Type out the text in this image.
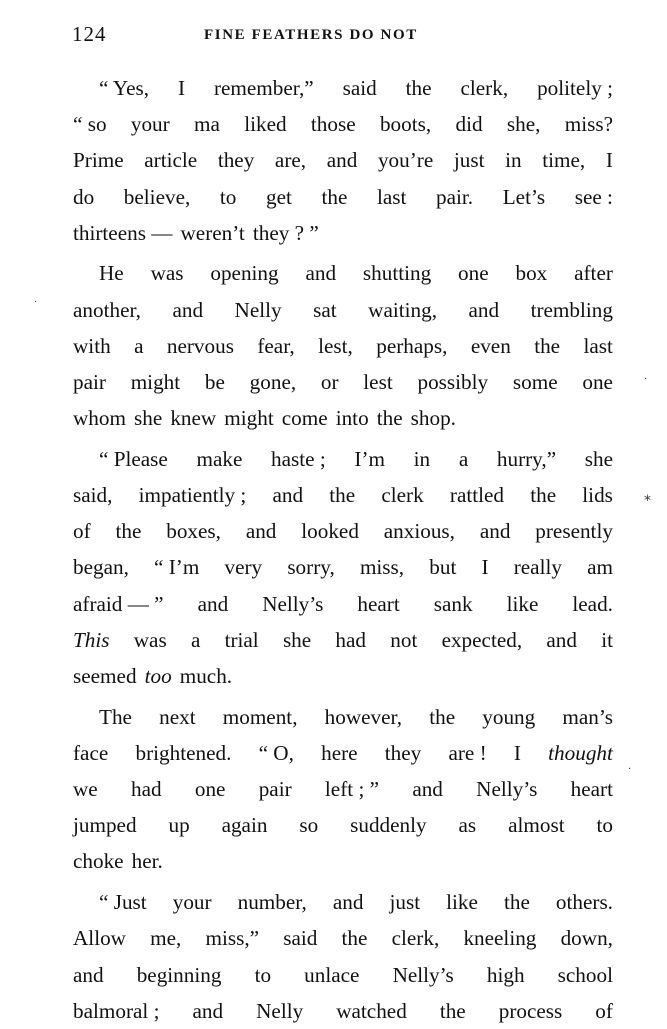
124	FINE FEATHERS DO NOT
“ Yes, I remember,” said the clerk, politely ;
“ so your ma liked those boots, did she, miss?
Prime article they are, and you’re just in time, I
do believe, to get the last pair. Let’s see :
thirteens — weren’t they ? ”
He was opening and shutting one box after
another, and Nelly sat waiting, and trembling
with a nervous fear, lest, perhaps, even the last
pair might be gone, or lest possibly some one
whom she knew might come into the shop.
“ Please make haste ; I’m in a hurry,” she
said, impatiently ; and the clerk rattled the lids
of the boxes, and looked anxious, and presently
began, “ I’m very sorry, miss, but I really am
afraid — ” and Nelly’s heart sank like lead.
This was a trial she had not expected, and it
seemed too much.
The next moment, however, the young man’s
face brightened. “ O, here they are ! I thought
we had one pair left ; ” and Nelly’s heart
jumped up again so suddenly as almost to
choke her.
“ Just your number, and just like the others.
Allow me, miss,” said the clerk, kneeling down,
and beginning to unlace Nelly’s high school
balmoral ; and Nelly watched the process of
·
·
*
·
